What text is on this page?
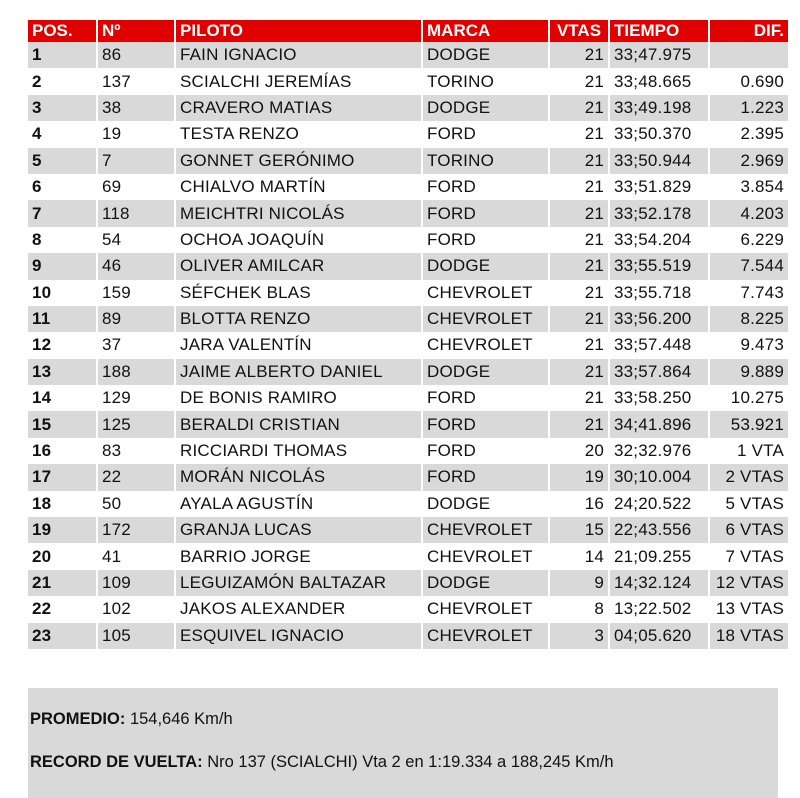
POS.	Nº	PILOTO	MARCA	VTAS	TIEMPO	DIF.
1	86	FAIN IGNACIO	DODGE	21	33;47.975	
2	137	SCIALCHI JEREMÍAS	TORINO	21	33;48.665	0.690
3	38	CRAVERO MATIAS	DODGE	21	33;49.198	1.223
4	19	TESTA RENZO	FORD	21	33;50.370	2.395
5	7	GONNET GERÓNIMO	TORINO	21	33;50.944	2.969
6	69	CHIALVO MARTÍN	FORD	21	33;51.829	3.854
7	118	MEICHTRI NICOLÁS	FORD	21	33;52.178	4.203
8	54	OCHOA JOAQUÍN	FORD	21	33;54.204	6.229
9	46	OLIVER AMILCAR	DODGE	21	33;55.519	7.544
10	159	SÉFCHEK BLAS	CHEVROLET	21	33;55.718	7.743
11	89	BLOTTA RENZO	CHEVROLET	21	33;56.200	8.225
12	37	JARA VALENTÍN	CHEVROLET	21	33;57.448	9.473
13	188	JAIME ALBERTO DANIEL	DODGE	21	33;57.864	9.889
14	129	DE BONIS RAMIRO	FORD	21	33;58.250	10.275
15	125	BERALDI CRISTIAN	FORD	21	34;41.896	53.921
16	83	RICCIARDI THOMAS	FORD	20	32;32.976	1 VTA
17	22	MORÁN NICOLÁS	FORD	19	30;10.004	2 VTAS
18	50	AYALA AGUSTÍN	DODGE	16	24;20.522	5 VTAS
19	172	GRANJA LUCAS	CHEVROLET	15	22;43.556	6 VTAS
20	41	BARRIO JORGE	CHEVROLET	14	21;09.255	7 VTAS
21	109	LEGUIZAMÓN BALTAZAR	DODGE	9	14;32.124	12 VTAS
22	102	JAKOS ALEXANDER	CHEVROLET	8	13;22.502	13 VTAS
23	105	ESQUIVEL IGNACIO	CHEVROLET	3	04;05.620	18 VTAS
PROMEDIO: 154,646 Km/h
RECORD DE VUELTA: Nro 137 (SCIALCHI) Vta 2 en 1:19.334 a 188,245 Km/h
